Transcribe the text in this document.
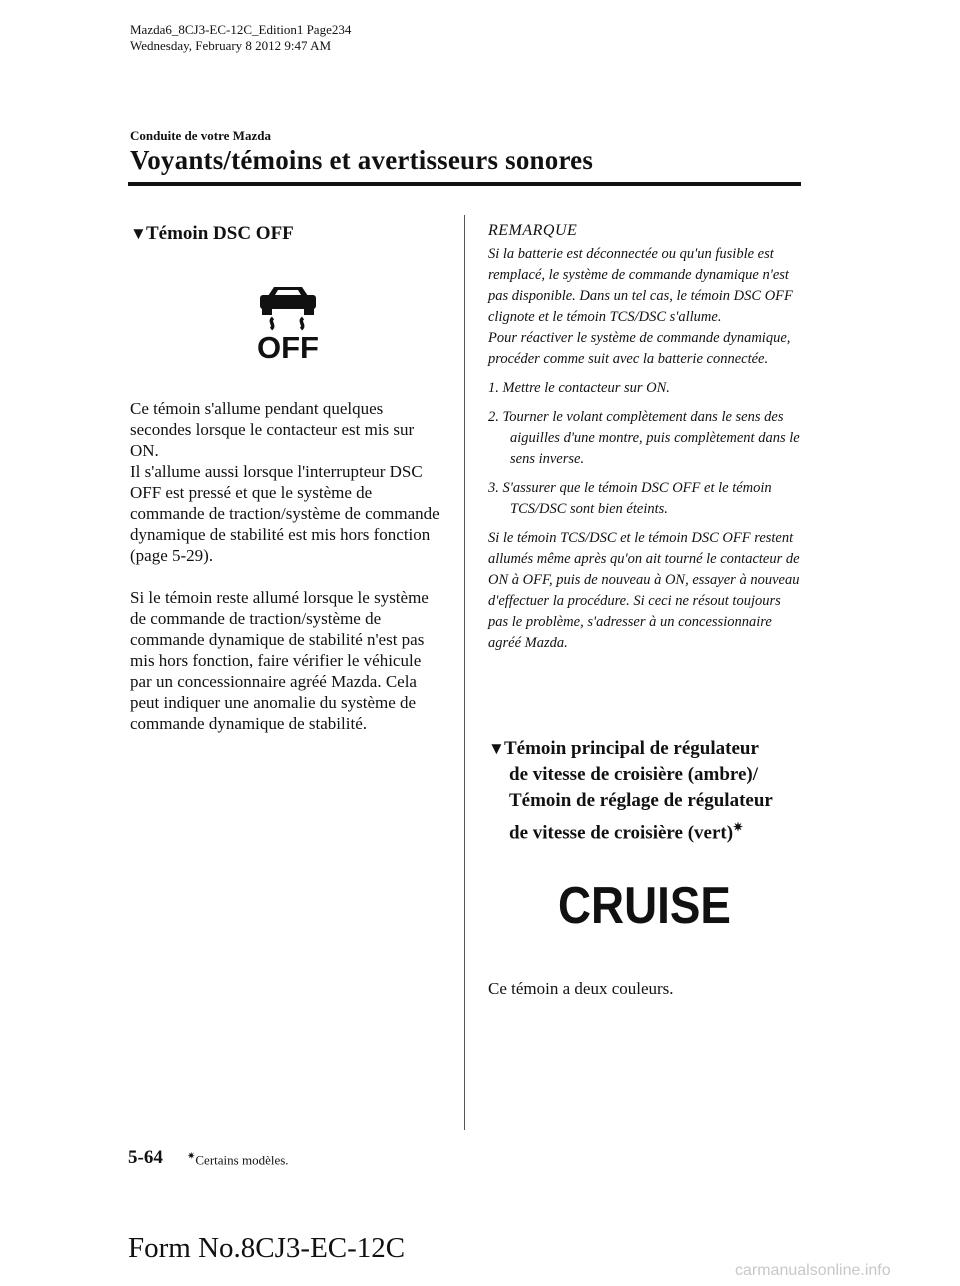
Mazda6_8CJ3-EC-12C_Edition1 Page234
Wednesday, February 8 2012 9:47 AM
Conduite de votre Mazda
Voyants/témoins et avertisseurs sonores
▼Témoin DSC OFF
OFF

Ce témoin s'allume pendant quelques secondes lorsque le contacteur est mis sur ON.

Il s'allume aussi lorsque l'interrupteur DSC OFF est pressé et que le système de commande de traction/système de commande dynamique de stabilité est mis hors fonction (page 5-29).

Si le témoin reste allumé lorsque le système de commande de traction/système de commande dynamique de stabilité n'est pas mis hors fonction, faire vérifier le véhicule par un concessionnaire agréé Mazda. Cela peut indiquer une anomalie du système de commande dynamique de stabilité.

REMARQUE

Si la batterie est déconnectée ou qu'un fusible est remplacé, le système de commande dynamique n'est pas disponible. Dans un tel cas, le témoin DSC OFF clignote et le témoin TCS/DSC s'allume.

Pour réactiver le système de commande dynamique, procéder comme suit avec la batterie connectée.

1. Mettre le contacteur sur ON.
2. Tourner le volant complètement dans le sens des aiguilles d'une montre, puis complètement dans le sens inverse.
3. S'assurer que le témoin DSC OFF et le témoin TCS/DSC sont bien éteints.

Si le témoin TCS/DSC et le témoin DSC OFF restent allumés même après qu'on ait tourné le contacteur de ON à OFF, puis de nouveau à ON, essayer à nouveau d'effectuer la procédure. Si ceci ne résout toujours pas le problème, s'adresser à un concessionnaire agréé Mazda.

▼Témoin principal de régulateur
de vitesse de croisière (ambre)/
Témoin de réglage de régulateur
de vitesse de croisière (vert)✷
CRUISE
Ce témoin a deux couleurs.
5-64 ✷Certains modèles.
Form No.8CJ3-EC-12C
carmanualsonline.info
